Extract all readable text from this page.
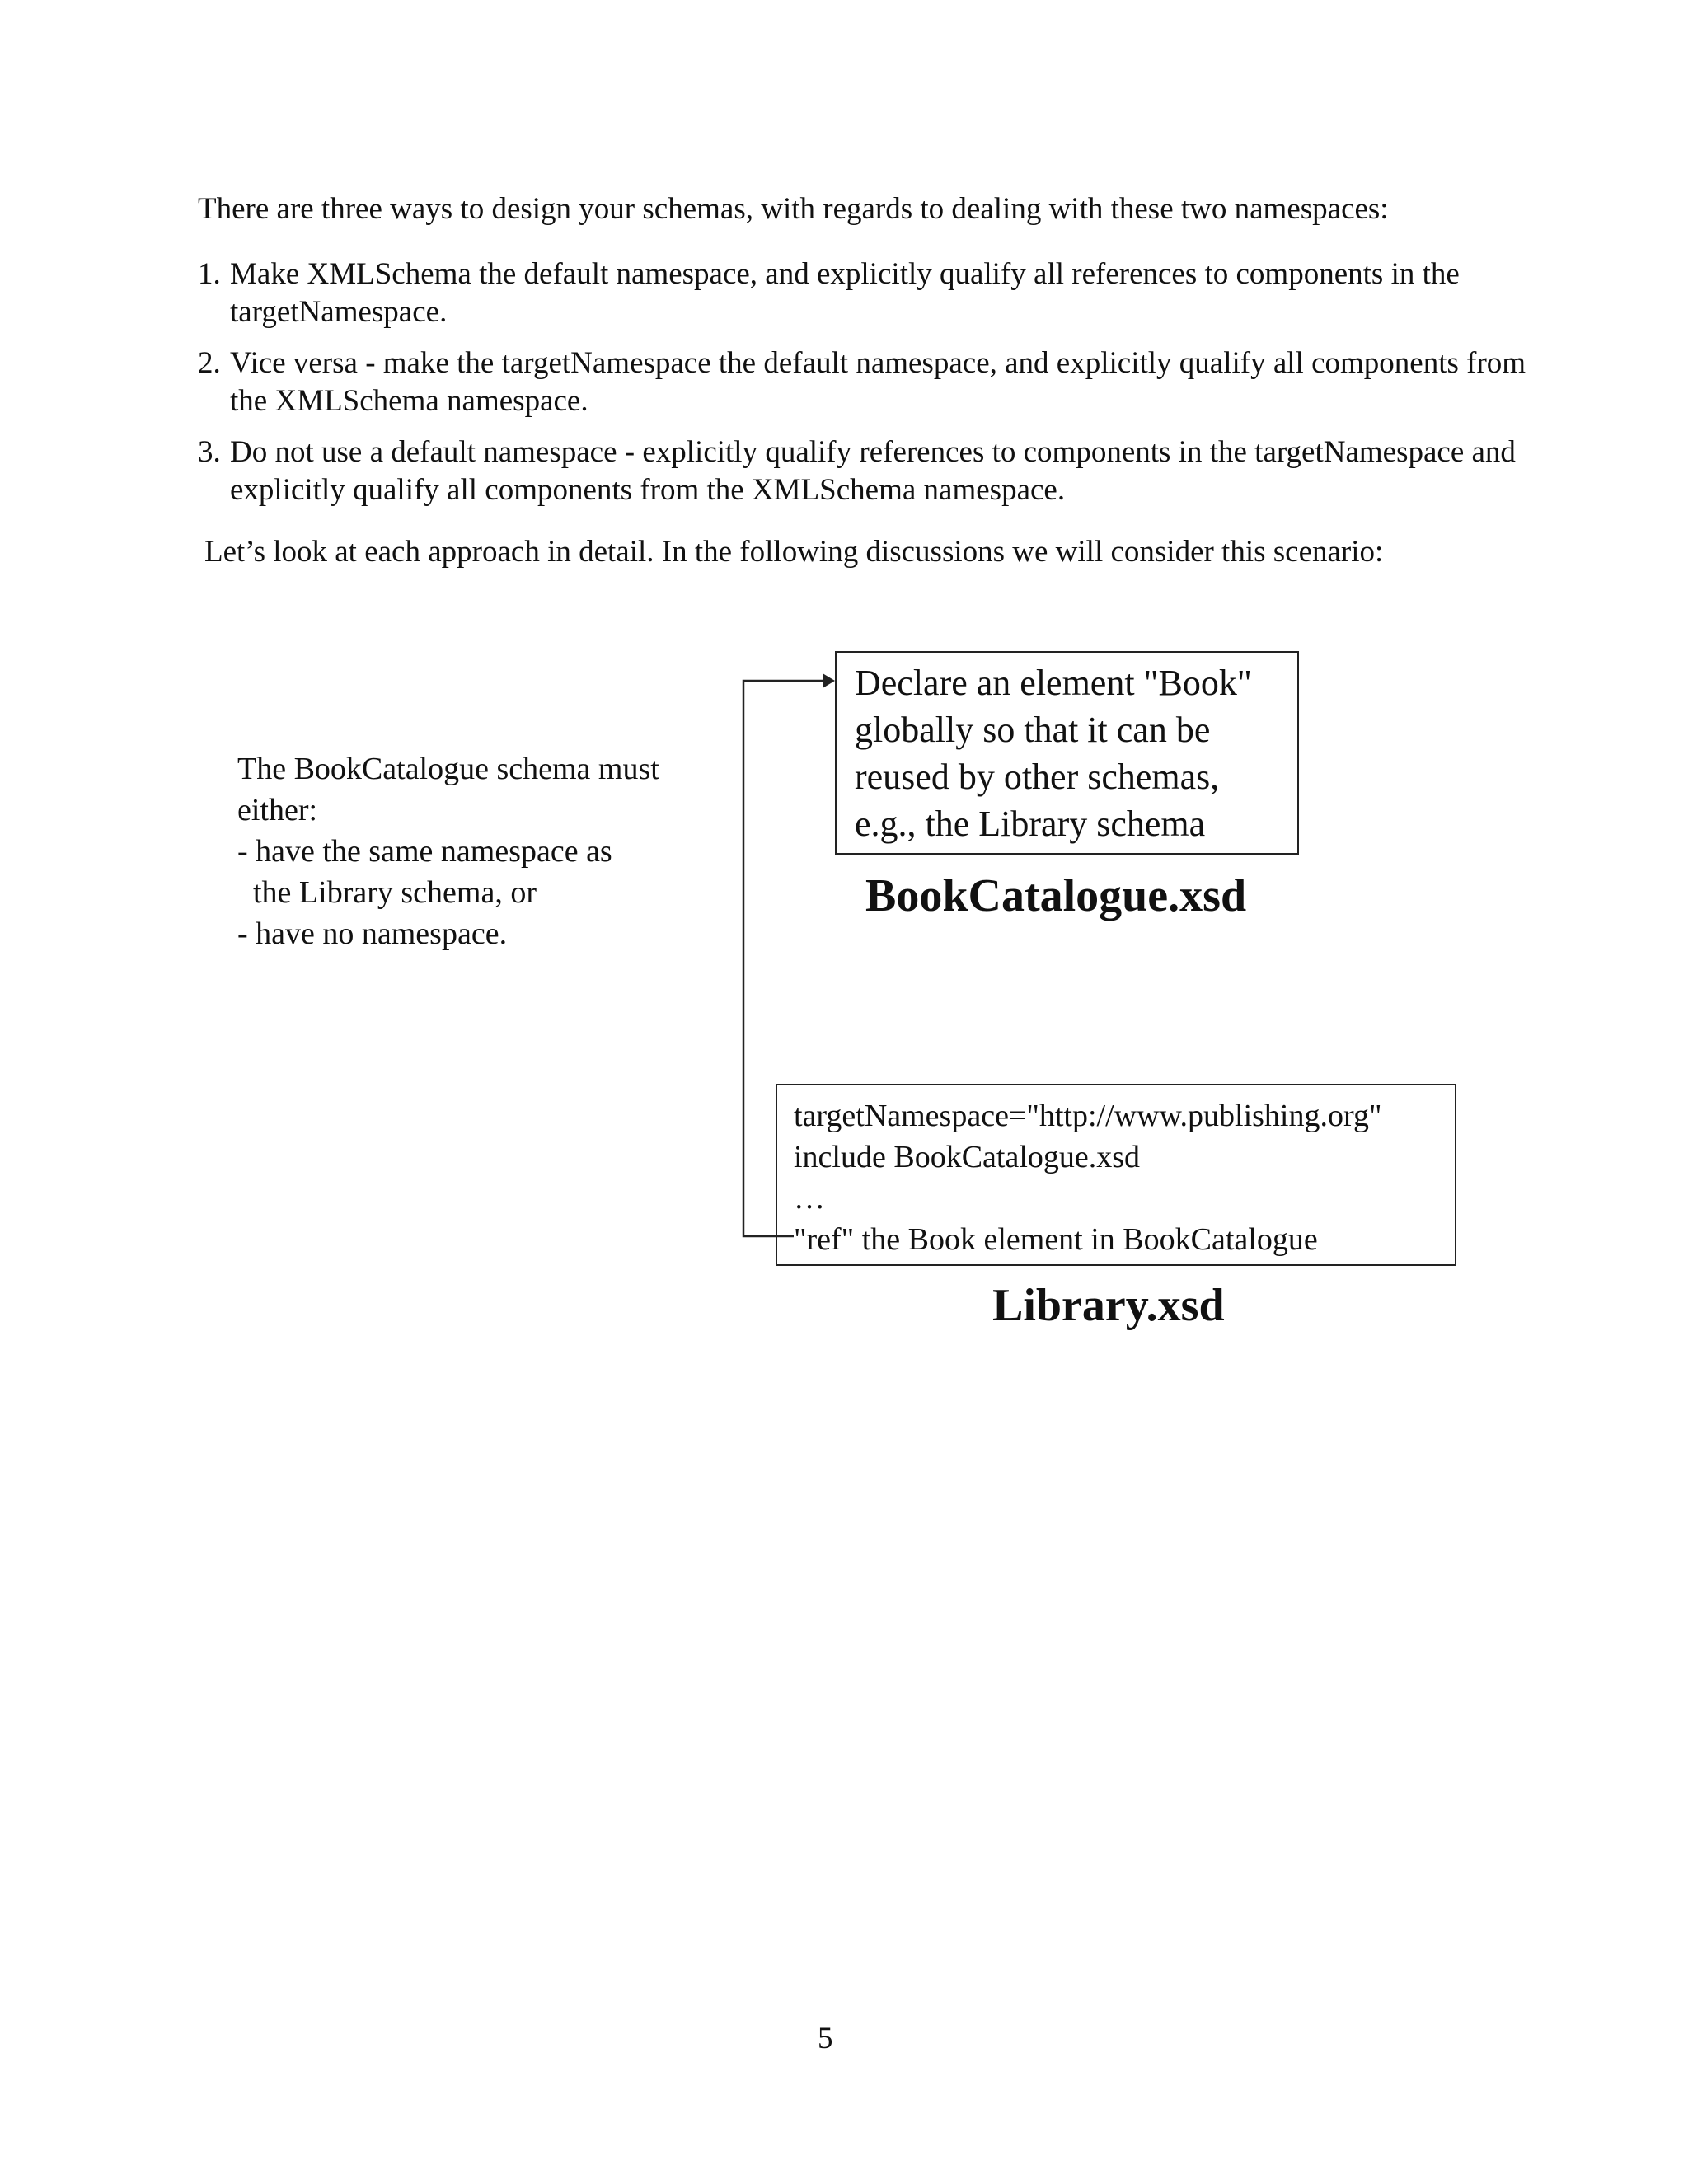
There are three ways to design your schemas, with regards to dealing with these two namespaces:
1. Make XMLSchema the default namespace, and explicitly qualify all references to components in the targetNamespace.
2. Vice versa - make the targetNamespace the default namespace, and explicitly qualify all components from the XMLSchema namespace.
3. Do not use a default namespace - explicitly qualify references to components in the targetNamespace and explicitly qualify all components from the XMLSchema namespace.
Let’s look at each approach in detail. In the following discussions we will consider this scenario:
The BookCatalogue schema must
either:
- have the same namespace as
the Library schema, or
- have no namespace.
Declare an element "Book"
globally so that it can be
reused by other schemas,
e.g., the Library schema
BookCatalogue.xsd
targetNamespace="http://www.publishing.org"
include BookCatalogue.xsd
…
"ref" the Book element in BookCatalogue
Library.xsd
5
